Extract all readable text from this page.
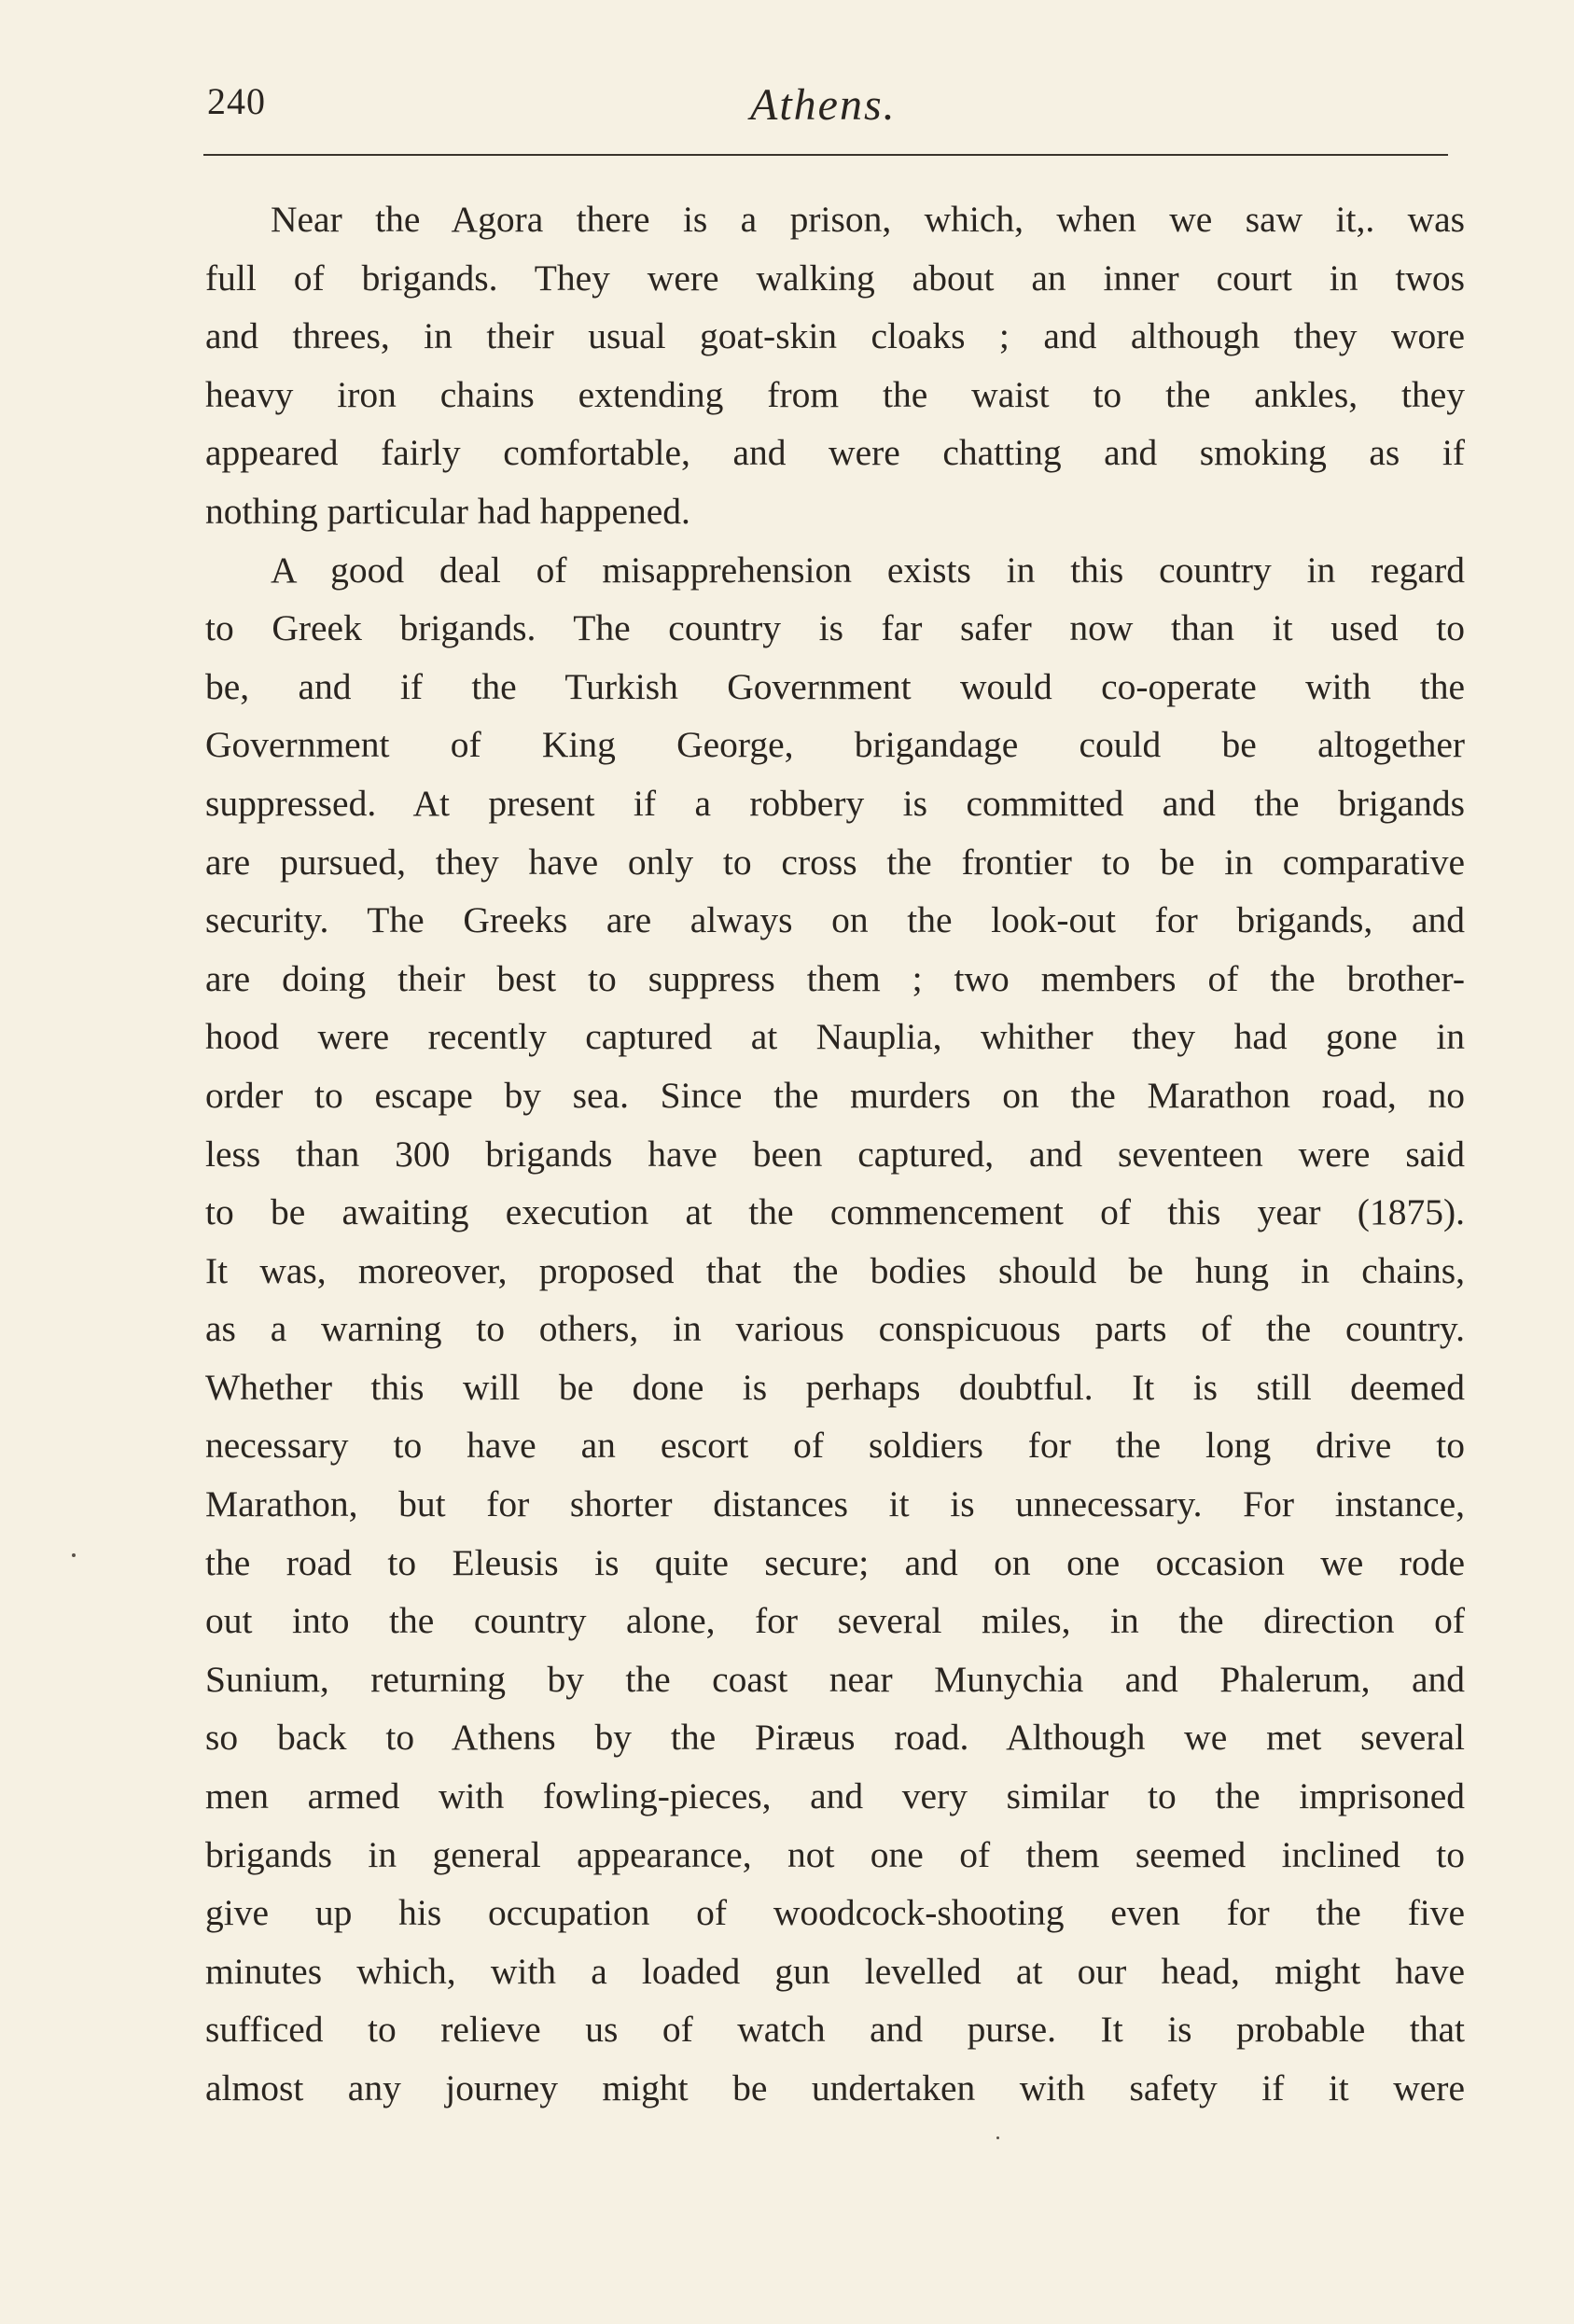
240	Athens.
Near the Agora there is a prison, which, when we saw it,. was
full of brigands. They were walking about an inner court in twos
and threes, in their usual goat-skin cloaks ; and although they wore
heavy iron chains extending from the waist to the ankles, they
appeared fairly comfortable, and were chatting and smoking as if
nothing particular had happened.
A good deal of misapprehension exists in this country in regard
to Greek brigands. The country is far safer now than it used to
be, and if the Turkish Government would co-operate with the
Government of King George, brigandage could be altogether
suppressed. At present if a robbery is committed and the brigands
are pursued, they have only to cross the frontier to be in comparative
security. The Greeks are always on the look-out for brigands, and
are doing their best to suppress them ; two members of the brother-
hood were recently captured at Nauplia, whither they had gone in
order to escape by sea. Since the murders on the Marathon road, no
less than 300 brigands have been captured, and seventeen were said
to be awaiting execution at the commencement of this year (1875).
It was, moreover, proposed that the bodies should be hung in chains,
as a warning to others, in various conspicuous parts of the country.
Whether this will be done is perhaps doubtful. It is still deemed
necessary to have an escort of soldiers for the long drive to
Marathon, but for shorter distances it is unnecessary. For instance,
the road to Eleusis is quite secure; and on one occasion we rode
out into the country alone, for several miles, in the direction of
Sunium, returning by the coast near Munychia and Phalerum, and
so back to Athens by the Piræus road. Although we met several
men armed with fowling-pieces, and very similar to the imprisoned
brigands in general appearance, not one of them seemed inclined to
give up his occupation of woodcock-shooting even for the five
minutes which, with a loaded gun levelled at our head, might have
sufficed to relieve us of watch and purse. It is probable that
almost any journey might be undertaken with safety if it were
